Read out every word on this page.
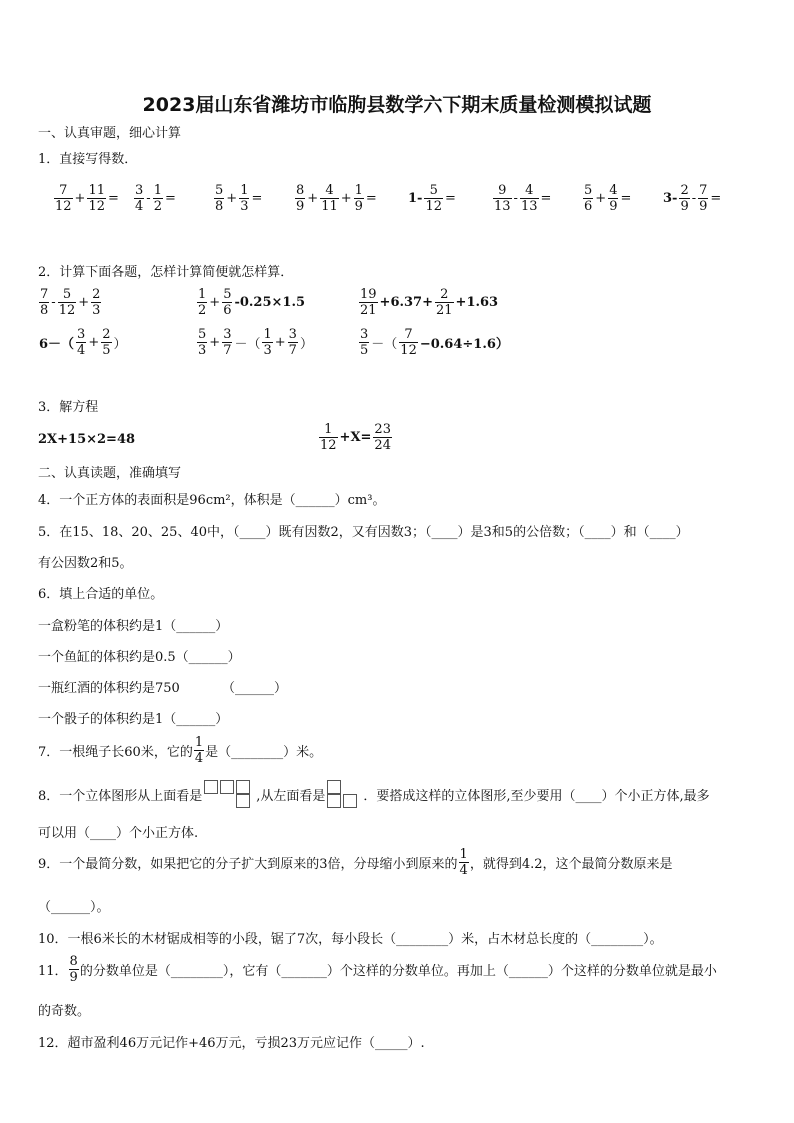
2023届山东省潍坊市临朐县数学六下期末质量检测模拟试题
一、认真审题，细心计算
1．直接写得数．
$\frac{7}{12} + \frac{11}{12} = \frac{3}{4} - \frac{1}{2}$ =	$\frac{5}{8} + \frac{1}{3}$ =	$\frac{8}{9} + \frac{4}{11} + \frac{1}{9} = 1- \frac{5}{12}$ =	$\frac{9}{13} - \frac{4}{13} = \frac{5}{6} + \frac{4}{9} = 3- \frac{2}{9} - \frac{7}{9}$ =
2．计算下面各题，怎样计算简便就怎样算．
$\frac{7}{8} - \frac{5}{12} + \frac{2}{3}$	$\frac{1}{2} + \frac{5}{6} -0.25\times 1.5$	$\frac{19}{21} +6.37+ \frac{2}{21} +1.63$
$6-( \frac{3}{4} + \frac{2}{5}$ ）	$\frac{5}{3} + \frac{3}{7}$ －（ $\frac{1}{3} + \frac{3}{7}$ ）	$\frac{3}{5}$ －（ $\frac{7}{12} -0.64\div 1.6$）
3．解方程
2X+15×2=48	$\frac{1}{12} +X= \frac{23}{24}$
二、认真读题，准确填写
4．一个正方体的表面积是96cm²，体积是（______）cm³。
5．在15、18、20、25、40中，（____）既有因数2，又有因数3；（____）是3和5的公倍数；（____）和（____）
有公因数2和5。
6．填上合适的单位。
一盒粉笔的体积约是1（______）
一个鱼缸的体积约是0.5（______）
一瓶红酒的体积约是750	（______）
一个骰子的体积约是1（______）
7．一根绳子长60米，它的 $\frac{1}{4}$ 是（________）米。
8．一个立体图形从上面看是	,从左面看是	．要搭成这样的立体图形,至少要用（____）个小正方体,最多
可以用（____）个小正方体.
9．一个最简分数，如果把它的分子扩大到原来的3倍，分母缩小到原来的 $\frac{1}{4}$ ，就得到4.2，这个最简分数原来是
（______）。
10．一根6米长的木材锯成相等的小段，锯了7次，每小段长（________）米，占木材总长度的（________）。
11． $\frac{8}{9}$ 的分数单位是（________），它有（_______）个这样的分数单位。再加上（______）个这样的分数单位就是最小
的奇数。
12．超市盈利46万元记作+46万元，亏损23万元应记作（_____）.
